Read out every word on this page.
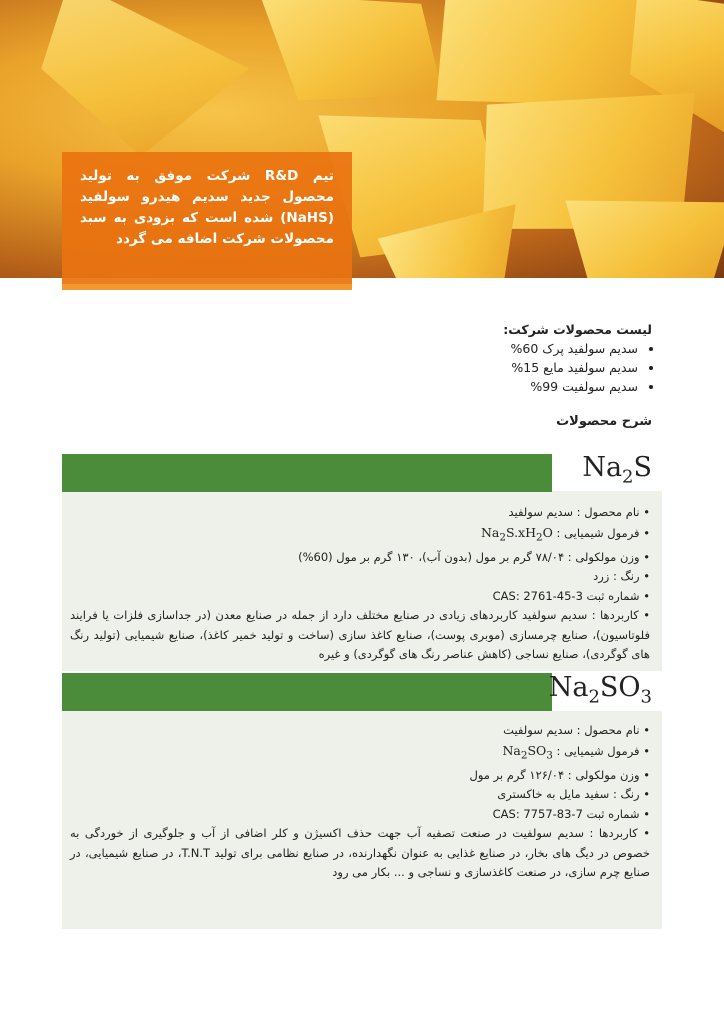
تیم R&D شرکت موفق به تولید محصول جدید سدیم هیدرو سولفید (NaHS) شده است که بزودی به سبد محصولات شرکت اضافه می گردد
لیست محصولات شرکت:
• سدیم سولفید پرک 60%
• سدیم سولفید مایع 15%
• سدیم سولفیت 99%
شرح محصولات
$Na_2S$

• نام محصول : سدیم سولفید

• فرمول شیمیایی : $Na_2S.xH_2O$

• وزن مولکولی : ۷۸/۰۴ گرم بر مول (بدون آب)، ۱۳۰ گرم بر مول (60%)

• رنگ : زرد

• شماره ثبت CAS: 2761-45-3

• کاربردها : سدیم سولفید کاربردهای زیادی در صنایع مختلف دارد از جمله در صنایع معدن (در جداسازی فلزات یا فرایند فلوتاسیون)، صنایع چرمسازی (موبری پوست)، صنایع کاغذ سازی (ساخت و تولید خمیر کاغذ)، صنایع شیمیایی (تولید رنگ های گوگردی)، صنایع نساجی (کاهش عناصر رنگ های گوگردی) و غیره

$Na_2SO_3$

• نام محصول : سدیم سولفیت

• فرمول شیمیایی : $Na_2SO_3$

• وزن مولکولی : ۱۲۶/۰۴ گرم بر مول

• رنگ : سفید مایل به خاکستری

• شماره ثبت CAS: 7757-83-7

• کاربردها : سدیم سولفیت در صنعت تصفیه آب جهت حذف اکسیژن و کلر اضافی از آب و جلوگیری از خوردگی به خصوص در دیگ های بخار، در صنایع غذایی به عنوان نگهدارنده، در صنایع نظامی برای تولید T.N.T، در صنایع شیمیایی، در صنایع چرم سازی، در صنعت کاغذسازی و نساجی و ... بکار می رود
